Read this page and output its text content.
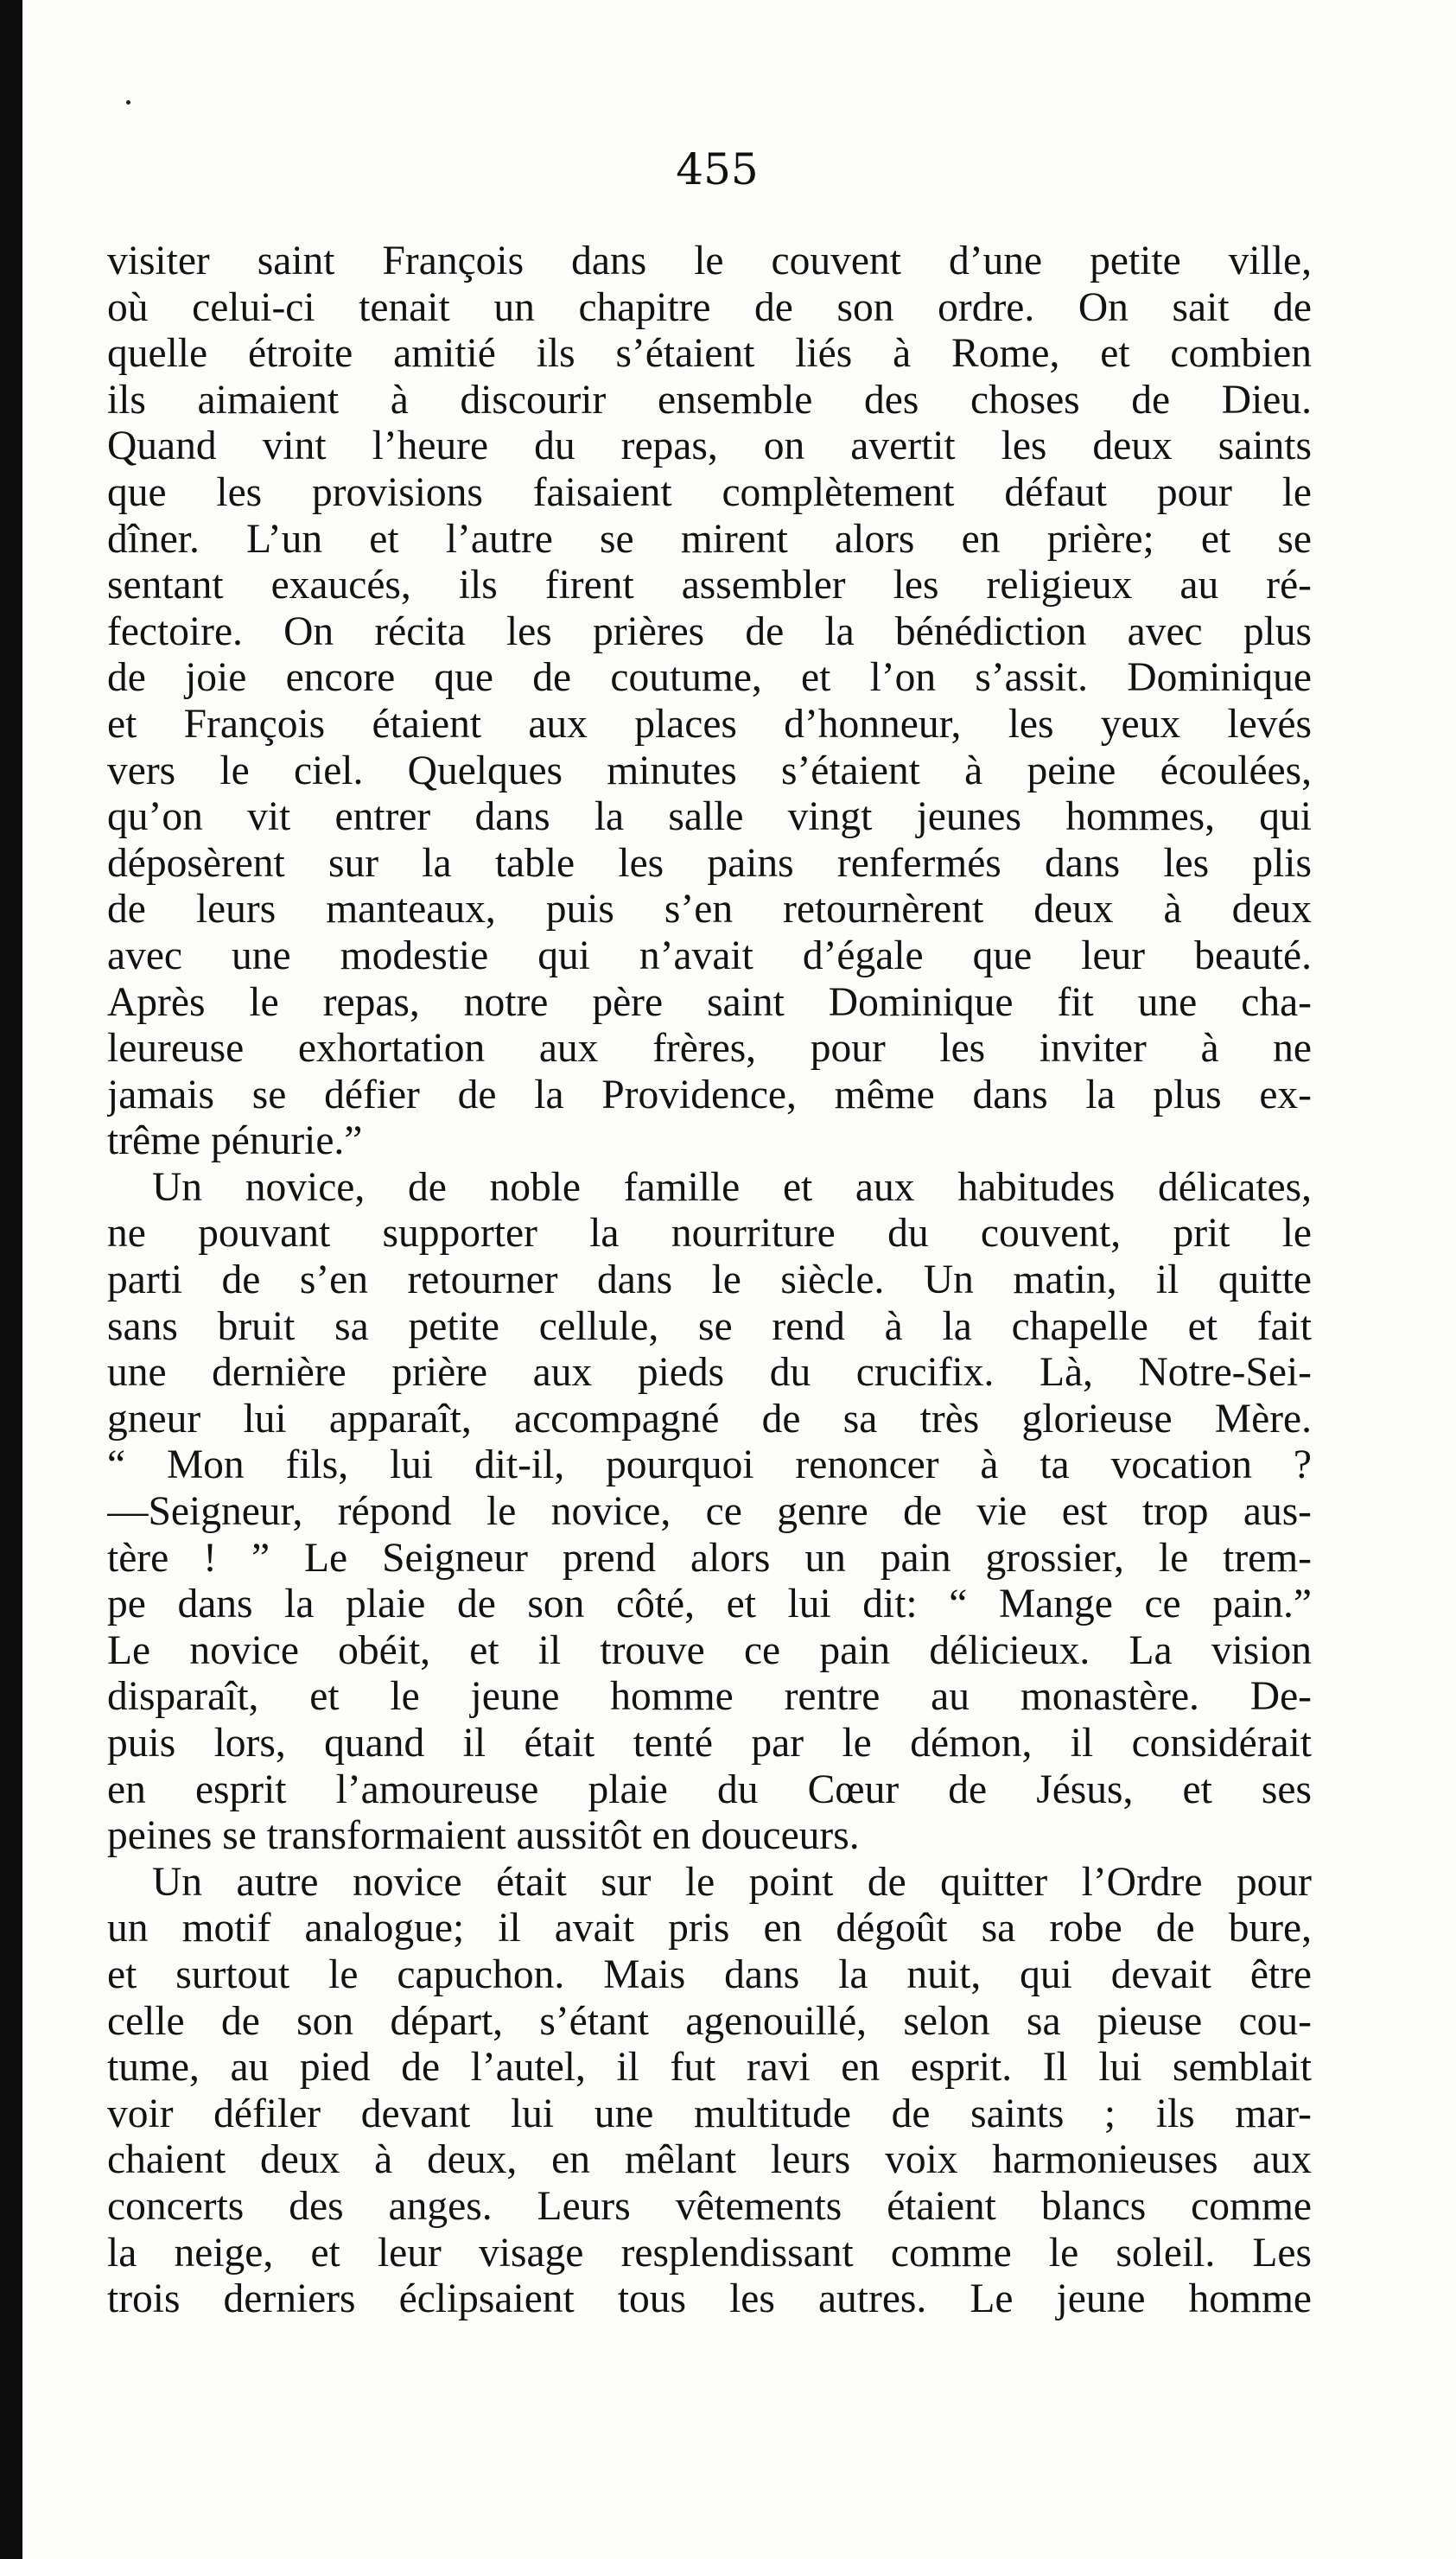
455
visiter saint François dans le couvent d’une petite ville,
où celui-ci tenait un chapitre de son ordre. On sait de
quelle étroite amitié ils s’étaient liés à Rome, et combien
ils aimaient à discourir ensemble des choses de Dieu.
Quand vint l’heure du repas, on avertit les deux saints
que les provisions faisaient complètement défaut pour le
dîner. L’un et l’autre se mirent alors en prière; et se
sentant exaucés, ils firent assembler les religieux au ré-
fectoire. On récita les prières de la bénédiction avec plus
de joie encore que de coutume, et l’on s’assit. Dominique
et François étaient aux places d’honneur, les yeux levés
vers le ciel. Quelques minutes s’étaient à peine écoulées,
qu’on vit entrer dans la salle vingt jeunes hommes, qui
déposèrent sur la table les pains renfermés dans les plis
de leurs manteaux, puis s’en retournèrent deux à deux
avec une modestie qui n’avait d’égale que leur beauté.
Après le repas, notre père saint Dominique fit une cha-
leureuse exhortation aux frères, pour les inviter à ne
jamais se défier de la Providence, même dans la plus ex-
trême pénurie.”
Un novice, de noble famille et aux habitudes délicates,
ne pouvant supporter la nourriture du couvent, prit le
parti de s’en retourner dans le siècle. Un matin, il quitte
sans bruit sa petite cellule, se rend à la chapelle et fait
une dernière prière aux pieds du crucifix. Là, Notre-Sei-
gneur lui apparaît, accompagné de sa très glorieuse Mère.
“ Mon fils, lui dit-il, pourquoi renoncer à ta vocation ?
—Seigneur, répond le novice, ce genre de vie est trop aus-
tère ! ” Le Seigneur prend alors un pain grossier, le trem-
pe dans la plaie de son côté, et lui dit: “ Mange ce pain.”
Le novice obéit, et il trouve ce pain délicieux. La vision
disparaît, et le jeune homme rentre au monastère. De-
puis lors, quand il était tenté par le démon, il considérait
en esprit l’amoureuse plaie du Cœur de Jésus, et ses
peines se transformaient aussitôt en douceurs.
Un autre novice était sur le point de quitter l’Ordre pour
un motif analogue; il avait pris en dégoût sa robe de bure,
et surtout le capuchon. Mais dans la nuit, qui devait être
celle de son départ, s’étant agenouillé, selon sa pieuse cou-
tume, au pied de l’autel, il fut ravi en esprit. Il lui semblait
voir défiler devant lui une multitude de saints ; ils mar-
chaient deux à deux, en mêlant leurs voix harmonieuses aux
concerts des anges. Leurs vêtements étaient blancs comme
la neige, et leur visage resplendissant comme le soleil. Les
trois derniers éclipsaient tous les autres. Le jeune homme
